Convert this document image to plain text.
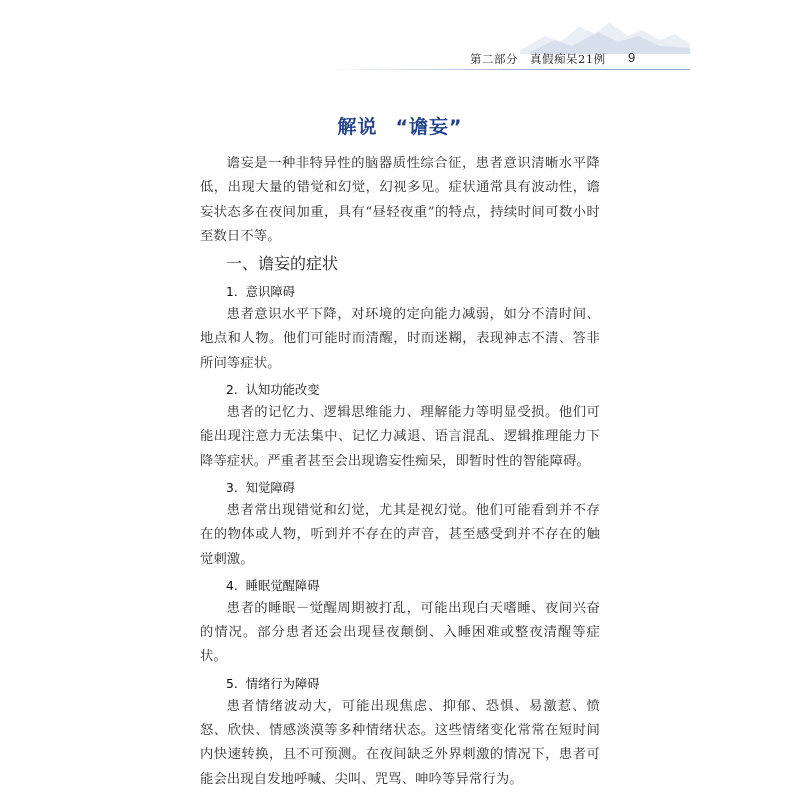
第二部分　真假痴呆21例 9
解说 “谵妄”

谵妄是一种非特异性的脑器质性综合征，患者意识清晰水平降低，出现大量的错觉和幻觉，幻视多见。症状通常具有波动性，谵妄状态多在夜间加重，具有“昼轻夜重”的特点，持续时间可数小时至数日不等。

一、谵妄的症状
1. 意识障碍

患者意识水平下降，对环境的定向能力减弱，如分不清时间、地点和人物。他们可能时而清醒，时而迷糊，表现神志不清、答非所问等症状。

2. 认知功能改变

患者的记忆力、逻辑思维能力、理解能力等明显受损。他们可能出现注意力无法集中、记忆力减退、语言混乱、逻辑推理能力下降等症状。严重者甚至会出现谵妄性痴呆，即暂时性的智能障碍。

3. 知觉障碍

患者常出现错觉和幻觉，尤其是视幻觉。他们可能看到并不存在的物体或人物，听到并不存在的声音，甚至感受到并不存在的触觉刺激。

4. 睡眠觉醒障碍

患者的睡眠－觉醒周期被打乱，可能出现白天嗜睡、夜间兴奋的情况。部分患者还会出现昼夜颠倒、入睡困难或整夜清醒等症状。

5. 情绪行为障碍

患者情绪波动大，可能出现焦虑、抑郁、恐惧、易激惹、愤怒、欣快、情感淡漠等多种情绪状态。这些情绪变化常常在短时间内快速转换，且不可预测。在夜间缺乏外界刺激的情况下，患者可能会出现自发地呼喊、尖叫、咒骂、呻吟等异常行为。
